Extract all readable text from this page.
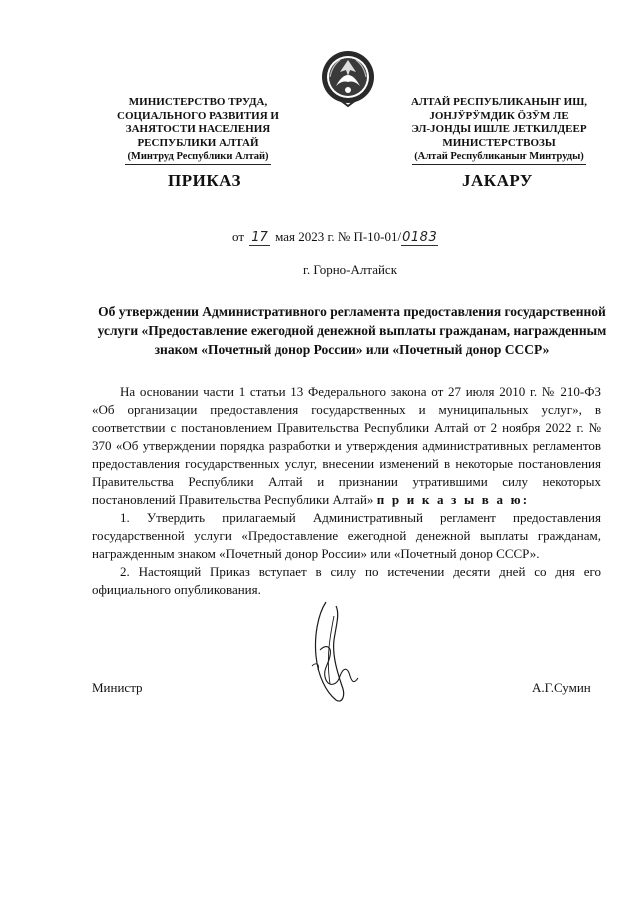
МИНИСТЕРСТВО ТРУДА,
СОЦИАЛЬНОГО РАЗВИТИЯ И
ЗАНЯТОСТИ НАСЕЛЕНИЯ
РЕСПУБЛИКИ АЛТАЙ
(Минтруд Республики Алтай)
АЛТАЙ РЕСПУБЛИКАНЫҤ ИШ,
ЈОНЈӰРӰМДИК ӦЗӰМ ЛЕ
ЭЛ-ЈОНДЫ ИШЛЕ ЈЕТКИЛДЕЕР
МИНИСТЕРСТВОЗЫ
(Алтай Республиканыҥ Минтруды)
ПРИКАЗ	ЈАКАРУ
от 17 мая 2023 г. № П-10-01/0183
г. Горно-Алтайск
Об утверждении Административного регламента предоставления государственной услуги «Предоставление ежегодной денежной выплаты гражданам, награжденным знаком «Почетный донор России» или «Почетный донор СССР»

На основании части 1 статьи 13 Федерального закона от 27 июля 2010 г. № 210-ФЗ «Об организации предоставления государственных и муниципальных услуг», в соответствии с постановлением Правительства Республики Алтай от 2 ноября 2022 г. № 370 «Об утверждении порядка разработки и утверждения административных регламентов предоставления государственных услуг, внесении изменений в некоторые постановления Правительства Республики Алтай и признании утратившими силу некоторых постановлений Правительства Республики Алтай» п р и к а з ы в а ю:

1. Утвердить прилагаемый Административный регламент предоставления государственной услуги «Предоставление ежегодной денежной выплаты гражданам, награжденным знаком «Почетный донор России» или «Почетный донор СССР».

2. Настоящий Приказ вступает в силу по истечении десяти дней со дня его официального опубликования.

Министр	А.Г.Сумин
